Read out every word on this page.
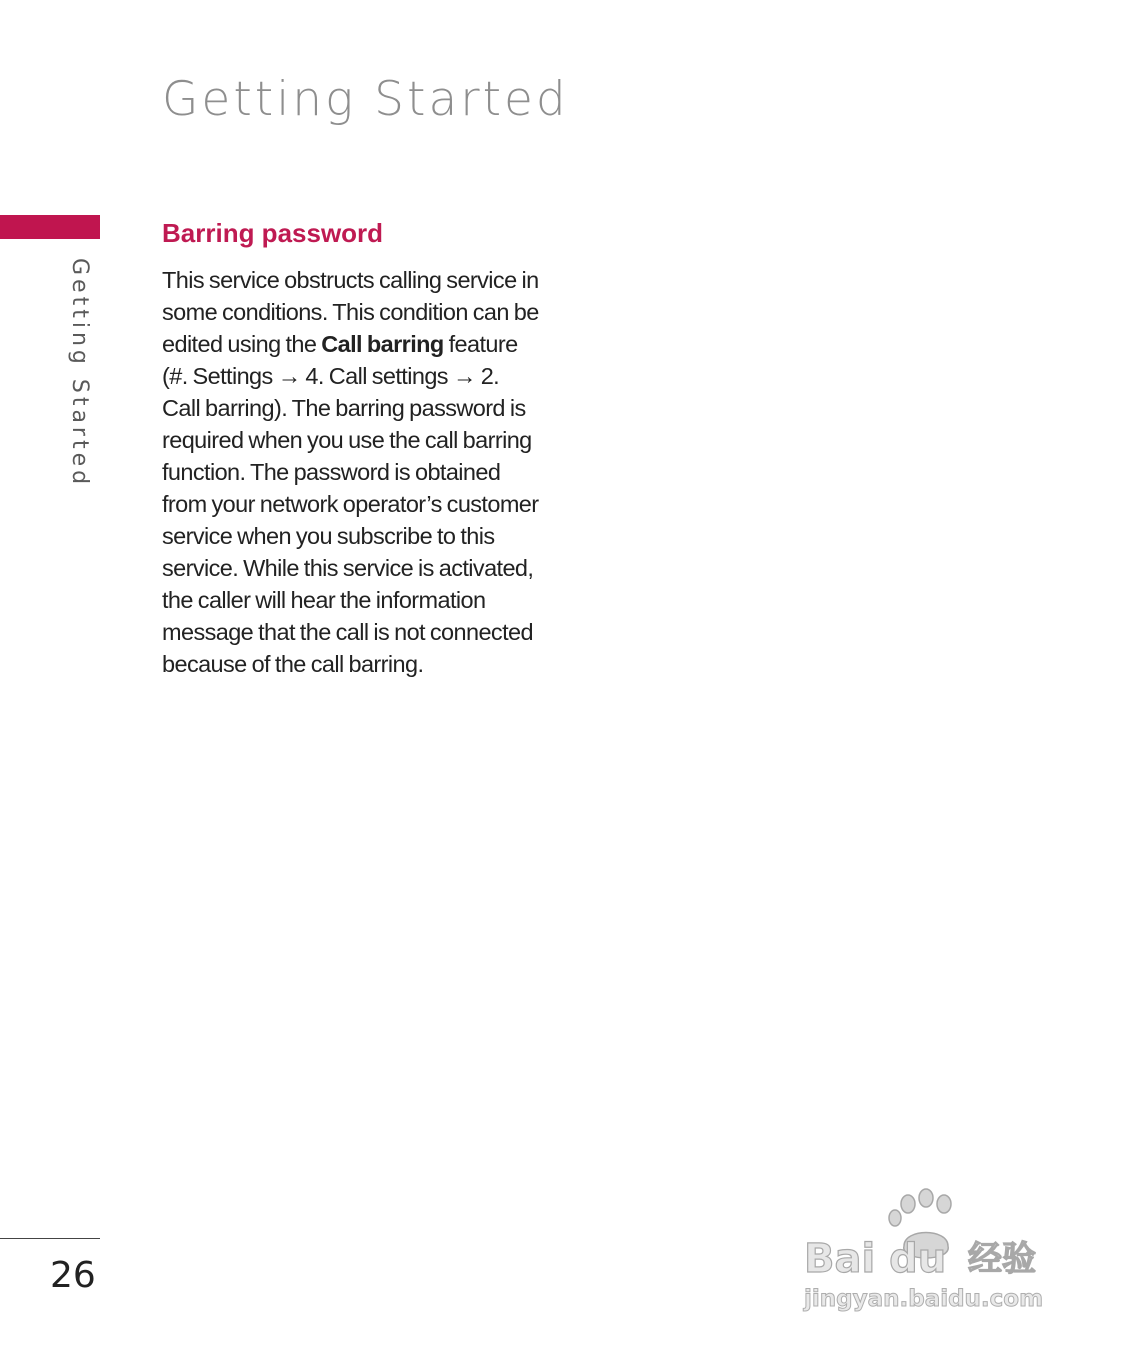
Getting Started
Getting Started
Barring password

This service obstructs calling service in
some conditions. This condition can be
edited using the Call barring feature
(#. Settings → 4. Call settings → 2.
Call barring). The barring password is
required when you use the call barring
function. The password is obtained
from your network operator’s customer
service when you subscribe to this
service. While this service is activated,
the caller will hear the information
message that the call is not connected
because of the call barring.

26	Bai du 经验
jingyan.baidu.com
